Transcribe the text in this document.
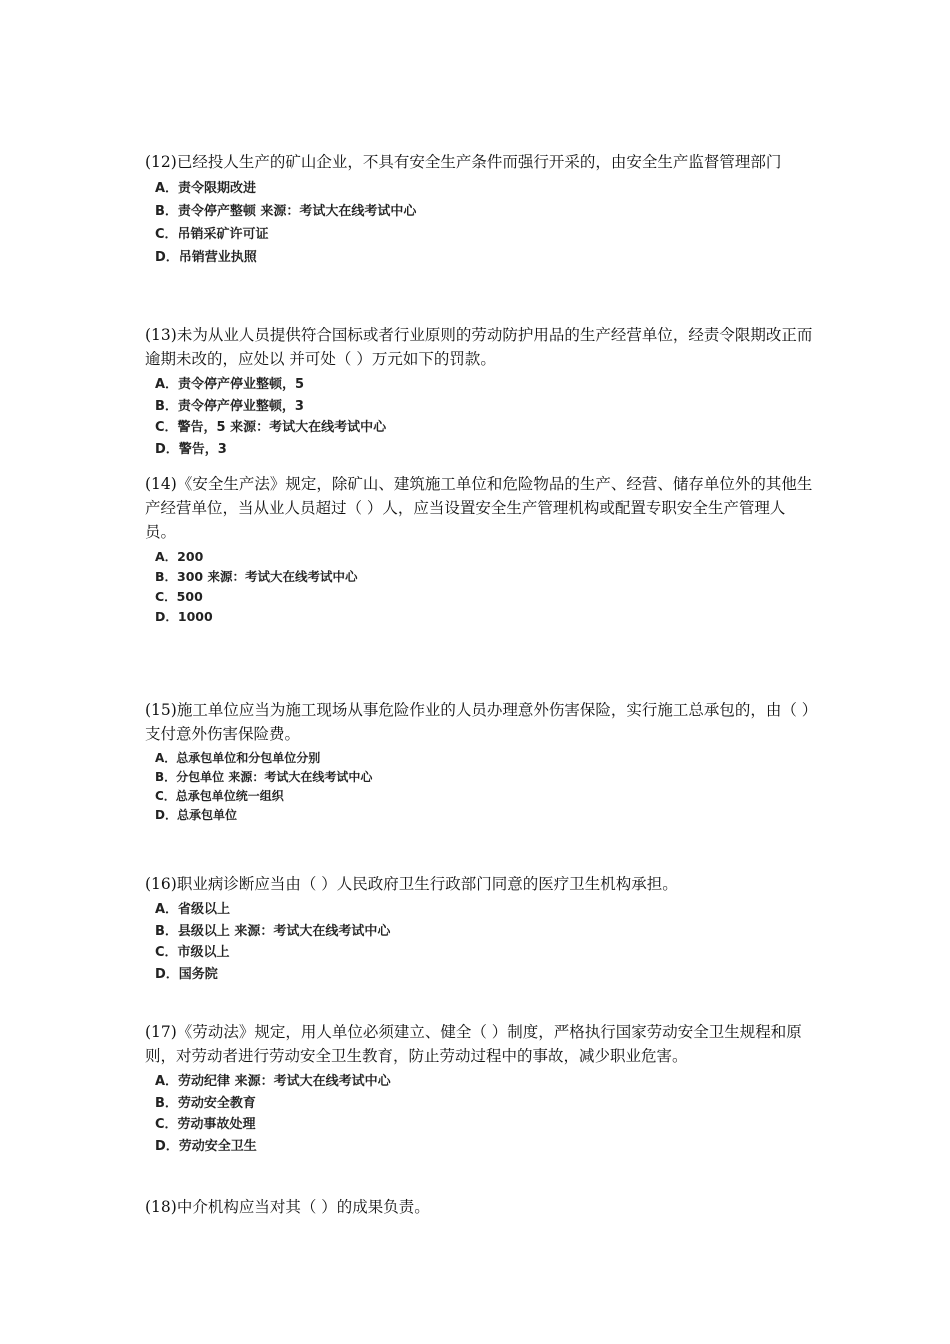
(12)已经投人生产的矿山企业，不具有安全生产条件而强行开采的，由安全生产监督管理部门

A．责令限期改进
B．责令停产整顿 来源：考试大在线考试中心
C．吊销采矿许可证
D．吊销营业执照

(13)未为从业人员提供符合国标或者行业原则的劳动防护用品的生产经营单位，经责令限期改正而逾期未改的，应处以 并可处（ ）万元如下的罚款。

A．责令停产停业整顿，5
B．责令停产停业整顿，3
C．警告，5 来源：考试大在线考试中心
D．警告，3

(14)《安全生产法》规定，除矿山、建筑施工单位和危险物品的生产、经营、储存单位外的其他生 产经营单位，当从业人员超过（ ）人，应当设置安全生产管理机构或配置专职安全生产管理人员。

A．200
B．300 来源：考试大在线考试中心
C．500
D．1000

(15)施工单位应当为施工现场从事危险作业的人员办理意外伤害保险，实行施工总承包的，由（ ）支付意外伤害保险费。

A．总承包单位和分包单位分别
B．分包单位 来源：考试大在线考试中心
C．总承包单位统一组织
D．总承包单位

(16)职业病诊断应当由（ ）人民政府卫生行政部门同意的医疗卫生机构承担。

A．省级以上
B．县级以上 来源：考试大在线考试中心
C．市级以上
D．国务院

(17)《劳动法》规定，用人单位必须建立、健全（ ）制度，严格执行国家劳动安全卫生规程和原则，对劳动者进行劳动安全卫生教育，防止劳动过程中的事故，减少职业危害。

A．劳动纪律 来源：考试大在线考试中心
B．劳动安全教育
C．劳动事故处理
D．劳动安全卫生

(18)中介机构应当对其（ ）的成果负责。
